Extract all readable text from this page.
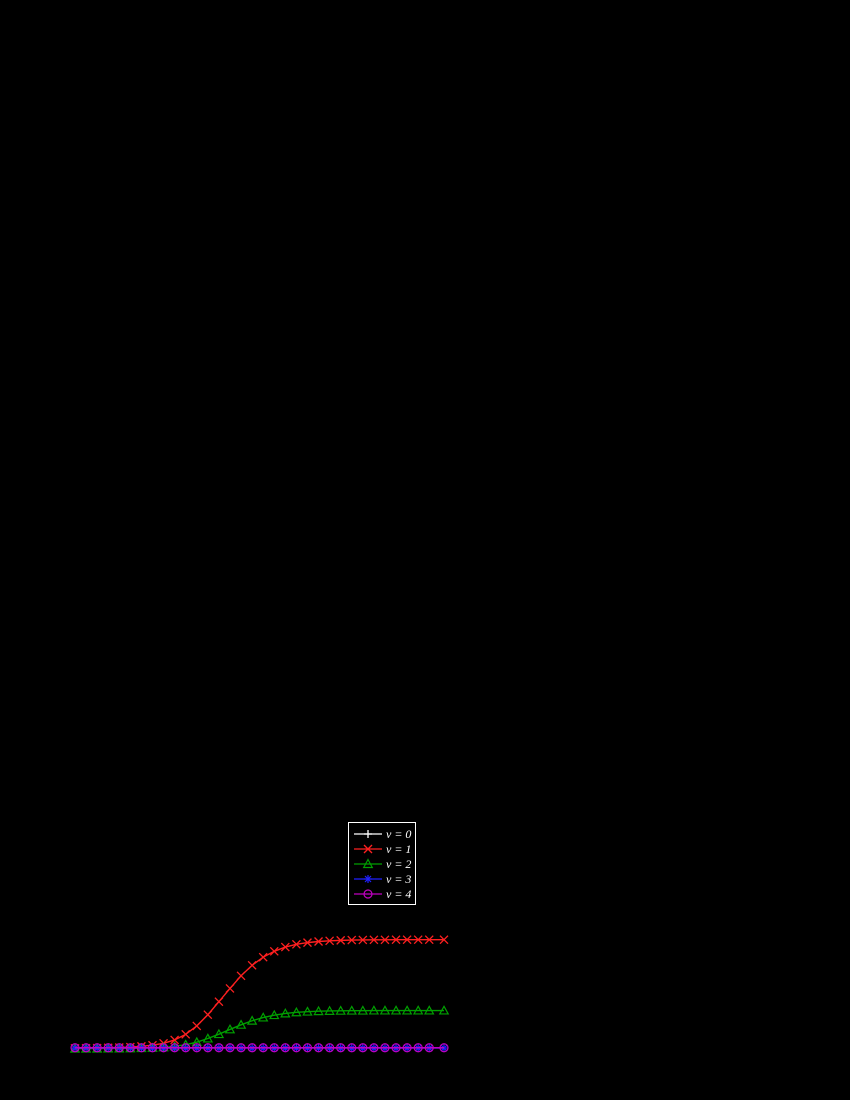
v = 0
v = 1
v = 2
v = 3
v = 4
